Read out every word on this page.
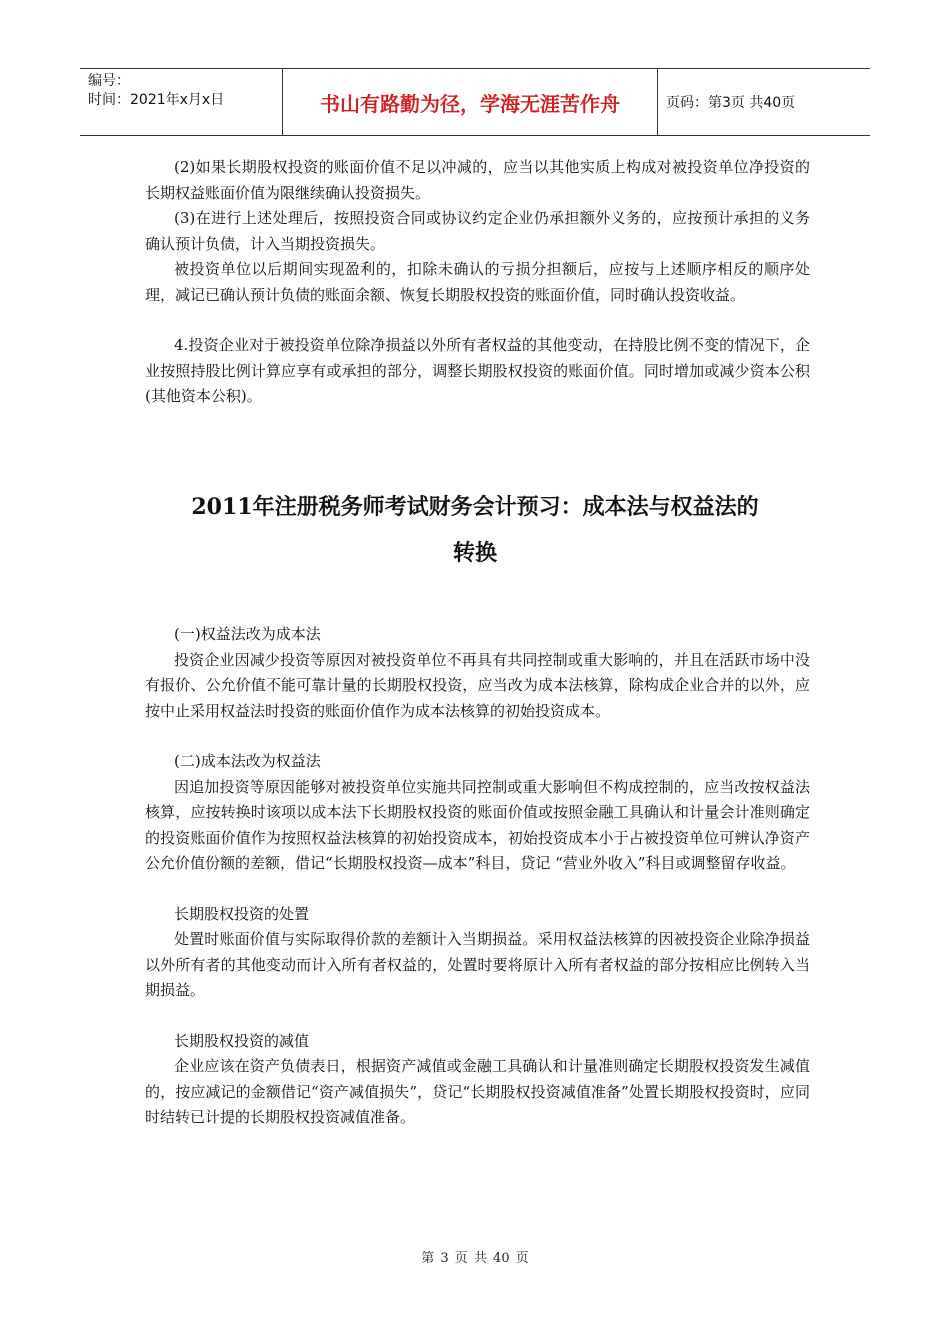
编号：
时间：2021年x月x日	书山有路勤为径，学海无涯苦作舟	页码：第3页 共40页

(2)如果长期股权投资的账面价值不足以冲减的，应当以其他实质上构成对被投资单位净投资的长期权益账面价值为限继续确认投资损失。

(3)在进行上述处理后，按照投资合同或协议约定企业仍承担额外义务的，应按预计承担的义务确认预计负债，计入当期投资损失。

被投资单位以后期间实现盈利的，扣除未确认的亏损分担额后，应按与上述顺序相反的顺序处理，减记已确认预计负债的账面余额、恢复长期股权投资的账面价值，同时确认投资收益。

4.投资企业对于被投资单位除净损益以外所有者权益的其他变动，在持股比例不变的情况下，企业按照持股比例计算应享有或承担的部分，调整长期股权投资的账面价值。同时增加或减少资本公积(其他资本公积)。

2011年注册税务师考试财务会计预习：成本法与权益法的
转换

(一)权益法改为成本法

投资企业因减少投资等原因对被投资单位不再具有共同控制或重大影响的，并且在活跃市场中没有报价、公允价值不能可靠计量的长期股权投资，应当改为成本法核算，除构成企业合并的以外，应按中止采用权益法时投资的账面价值作为成本法核算的初始投资成本。

(二)成本法改为权益法

因追加投资等原因能够对被投资单位实施共同控制或重大影响但不构成控制的，应当改按权益法核算，应按转换时该项以成本法下长期股权投资的账面价值或按照金融工具确认和计量会计准则确定的投资账面价值作为按照权益法核算的初始投资成本，初始投资成本小于占被投资单位可辨认净资产公允价值份额的差额，借记“长期股权投资—成本”科目，贷记 “营业外收入”科目或调整留存收益。

长期股权投资的处置

处置时账面价值与实际取得价款的差额计入当期损益。采用权益法核算的因被投资企业除净损益以外所有者的其他变动而计入所有者权益的，处置时要将原计入所有者权益的部分按相应比例转入当期损益。

长期股权投资的减值

企业应该在资产负债表日，根据资产减值或金融工具确认和计量准则确定长期股权投资发生减值的，按应减记的金额借记“资产减值损失”，贷记“长期股权投资减值准备”处置长期股权投资时，应同时结转已计提的长期股权投资减值准备。

第 3 页 共 40 页
